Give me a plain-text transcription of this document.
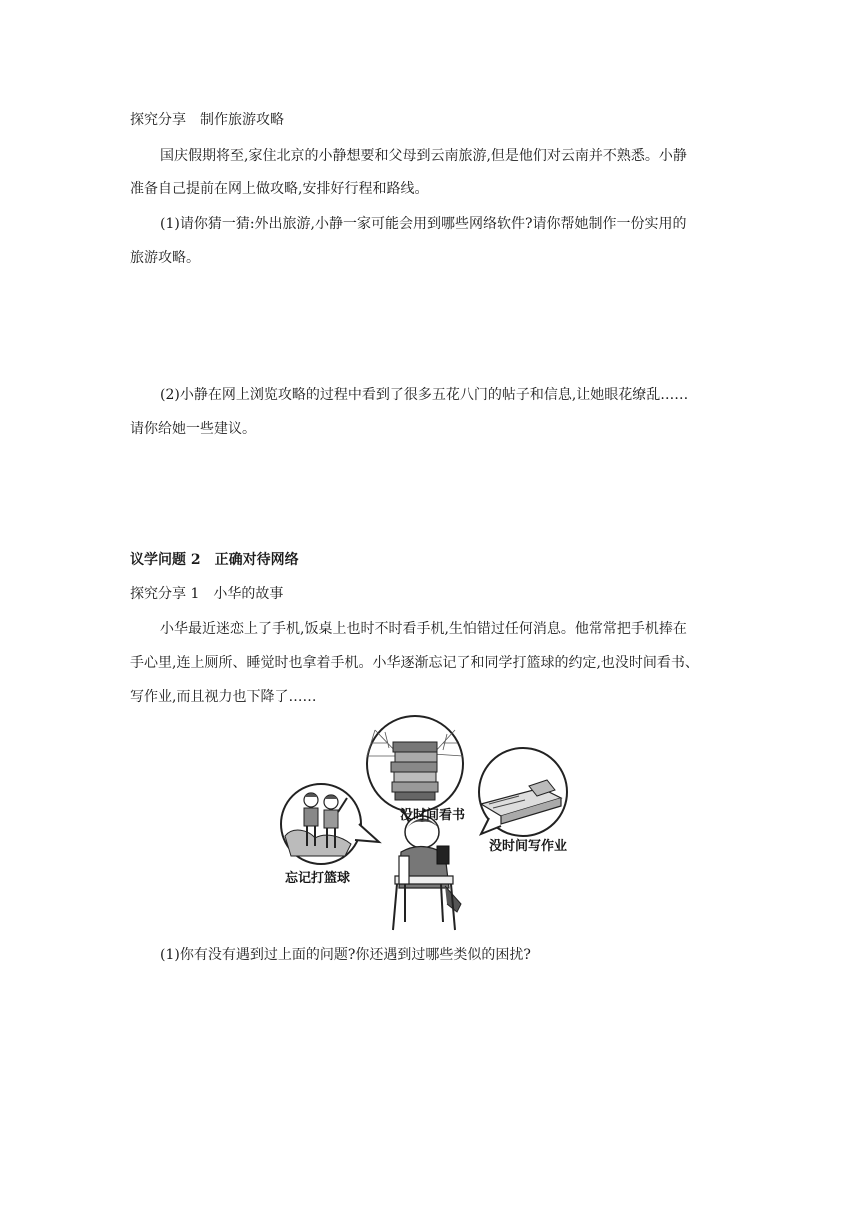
探究分享　制作旅游攻略
国庆假期将至,家住北京的小静想要和父母到云南旅游,但是他们对云南并不熟悉。小静
准备自己提前在网上做攻略,安排好行程和路线。
(1)请你猜一猜:外出旅游,小静一家可能会用到哪些网络软件?请你帮她制作一份实用的
旅游攻略。
(2)小静在网上浏览攻略的过程中看到了很多五花八门的帖子和信息,让她眼花缭乱……
请你给她一些建议。
议学问题 2　正确对待网络
探究分享 1　小华的故事
小华最近迷恋上了手机,饭桌上也时不时看手机,生怕错过任何消息。他常常把手机捧在
手心里,连上厕所、睡觉时也拿着手机。小华逐渐忘记了和同学打篮球的约定,也没时间看书、
写作业,而且视力也下降了……
没时间看书
没时间写作业
忘记打篮球
(1)你有没有遇到过上面的问题?你还遇到过哪些类似的困扰?
